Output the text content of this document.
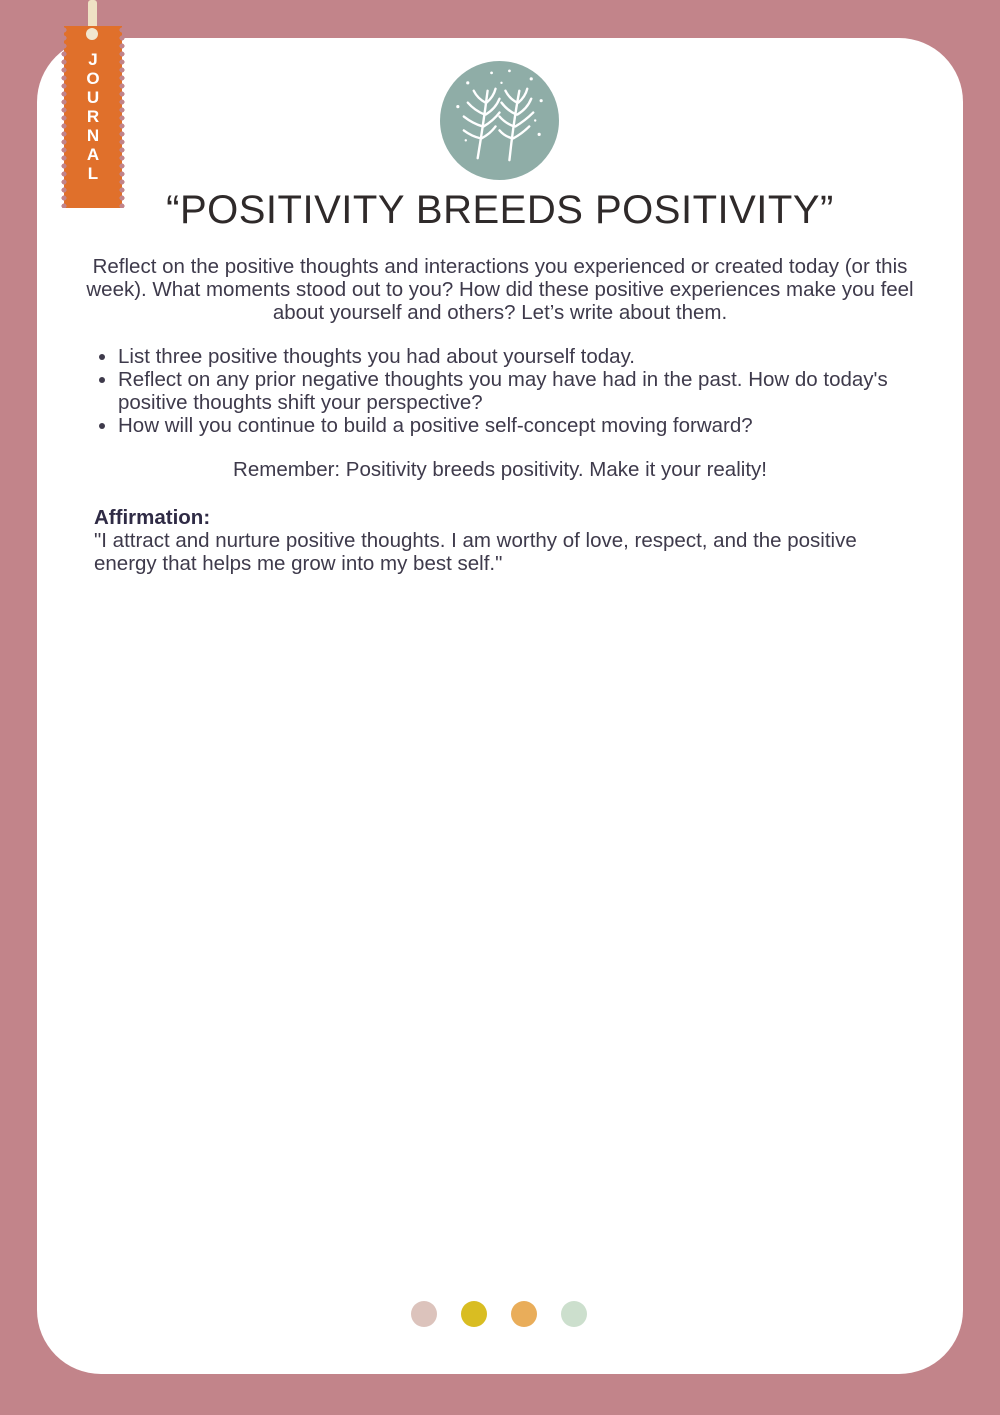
J
O
U
R
N
A
L
“POSITIVITY BREEDS POSITIVITY”
Reflect on the positive thoughts and interactions you experienced or created today (or this week). What moments stood out to you? How did these positive experiences make you feel about yourself and others? Let’s write about them.
• List three positive thoughts you had about yourself today.
• Reflect on any prior negative thoughts you may have had in the past. How do today's positive thoughts shift your perspective?
• How will you continue to build a positive self-concept moving forward?
Remember: Positivity breeds positivity. Make it your reality!
Affirmation:
"I attract and nurture positive thoughts. I am worthy of love, respect, and the positive energy that helps me grow into my best self."
